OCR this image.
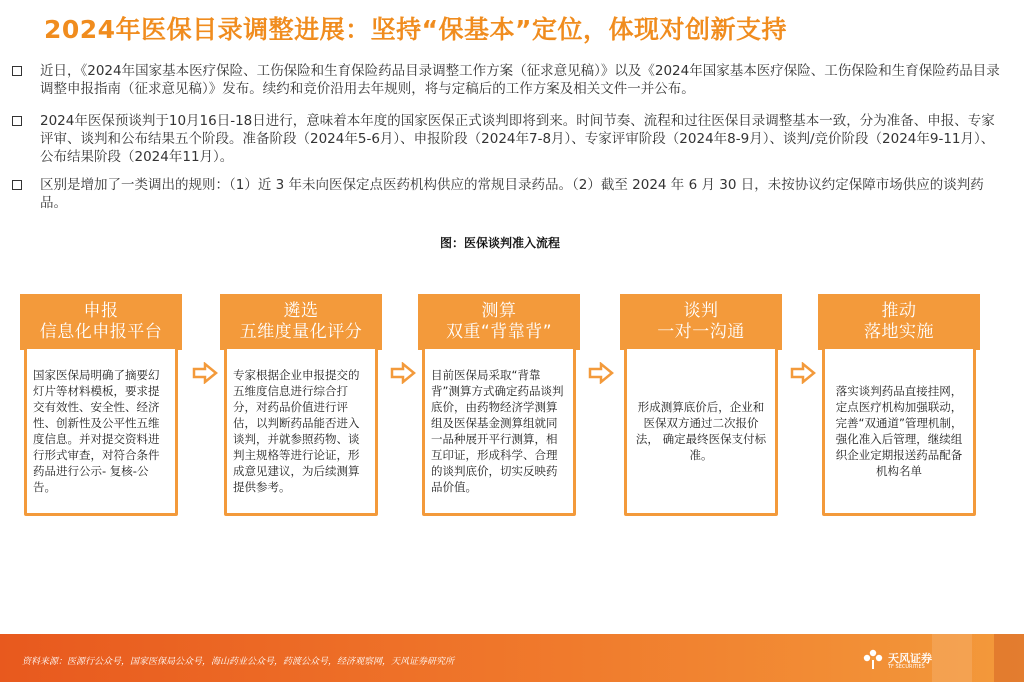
2024年医保目录调整进展：坚持“保基本”定位，体现对创新支持
近日，《2024年国家基本医疗保险、工伤保险和生育保险药品目录调整工作方案（征求意见稿）》以及《2024年国家基本医疗保险、工伤保险和生育保险药品目录调整申报指南（征求意见稿）》发布。续约和竞价沿用去年规则，将与定稿后的工作方案及相关文件一并公布。
2024年医保预谈判于10月16日-18日进行，意味着本年度的国家医保正式谈判即将到来。时间节奏、流程和过往医保目录调整基本一致，分为准备、申报、专家评审、谈判和公布结果五个阶段。准备阶段（2024年5-6月）、申报阶段（2024年7-8月）、专家评审阶段（2024年8-9月）、谈判/竞价阶段（2024年9-11月）、公布结果阶段（2024年11月）。
区别是增加了一类调出的规则：（1）近 3 年未向医保定点医药机构供应的常规目录药品。（2）截至 2024 年 6 月 30 日，未按协议约定保障市场供应的谈判药品。
图：医保谈判准入流程
申报
信息化申报平台
国家医保局明确了摘要幻灯片等材料模板，要求提交有效性、安全性、经济性、创新性及公平性五维度信息。并对提交资料进行形式审查，对符合条件药品进行公示- 复核-公告。
遴选
五维度量化评分
专家根据企业申报提交的五维度信息进行综合打分，对药品价值进行评估，以判断药品能否进入谈判，并就参照药物、谈判主规格等进行论证，形成意见建议，为后续测算提供参考。
测算
双重“背靠背”
目前医保局采取“背靠背”测算方式确定药品谈判底价，由药物经济学测算组及医保基金测算组就同一品种展开平行测算，相互印证，形成科学、合理的谈判底价，切实反映药品价值。
谈判
一对一沟通
形成测算底价后，企业和医保双方通过二次报价法， 确定最终医保支付标准。
推动
落地实施
落实谈判药品直接挂网，定点医疗机构加强联动，完善“双通道”管理机制，强化准入后管理，继续组织企业定期报送药品配备机构名单
资料来源：医源行公众号，国家医保局公众号，海山药业公众号，药渡公众号，经济观察网，天风证券研究所	天风证券
TF SECURITIES
